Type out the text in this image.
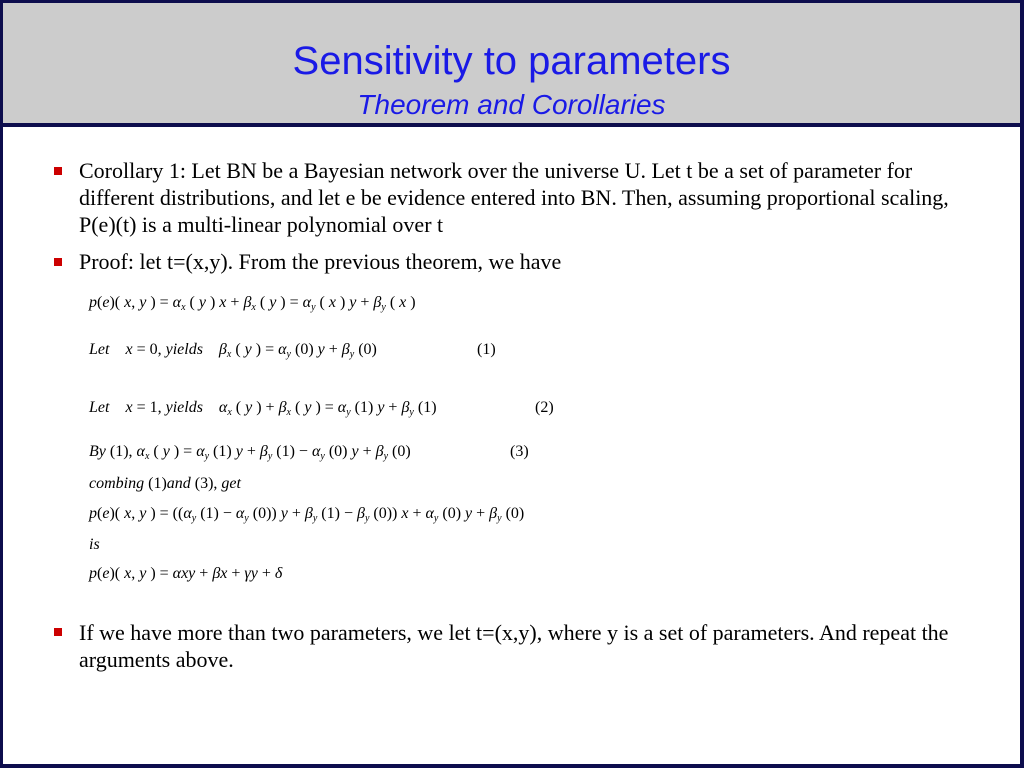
Sensitivity to parameters
Theorem and Corollaries
Corollary 1: Let BN be a Bayesian network over the universe U. Let t be a set of parameter for different distributions, and let e be evidence entered into BN. Then, assuming proportional scaling, P(e)(t) is a multi-linear polynomial over t
Proof: let t=(x,y). From the previous theorem, we have
p(e)( x, y ) = $\alpha_x$ ( y ) $x + \beta_x$ ( y ) = $\alpha_y$ ( x ) $y + \beta_y$ ( x )
Let x = 0, yields $\beta_x$ ( y ) = $\alpha_y$ (0) $y + \beta_y$ (0)	(1)
Let x = 1, yields $\alpha_x$ ( y ) + $\beta_x$ ( y ) = $\alpha_y$ (1) $y + \beta_y$ (1)	(2)
By (1), $\alpha_x$ ( y ) = $\alpha_y$ (1) $y + \beta_y$ $(1) - \alpha_y$ (0) $y + \beta_y$ (0)	(3)
combing (1)and (3), get
p(e)( x, y ) = (($\alpha_y$ $(1) - \alpha_y$ (0)) $y + \beta_y$ $(1) - \beta_y$ (0)) $x + \alpha_y$ (0) $y + \beta_y$ (0)
is
p(e)( x, y ) = αxy + βx + γy + δ
If we have more than two parameters, we let t=(x,y), where y is a set of parameters. And repeat the arguments above.
